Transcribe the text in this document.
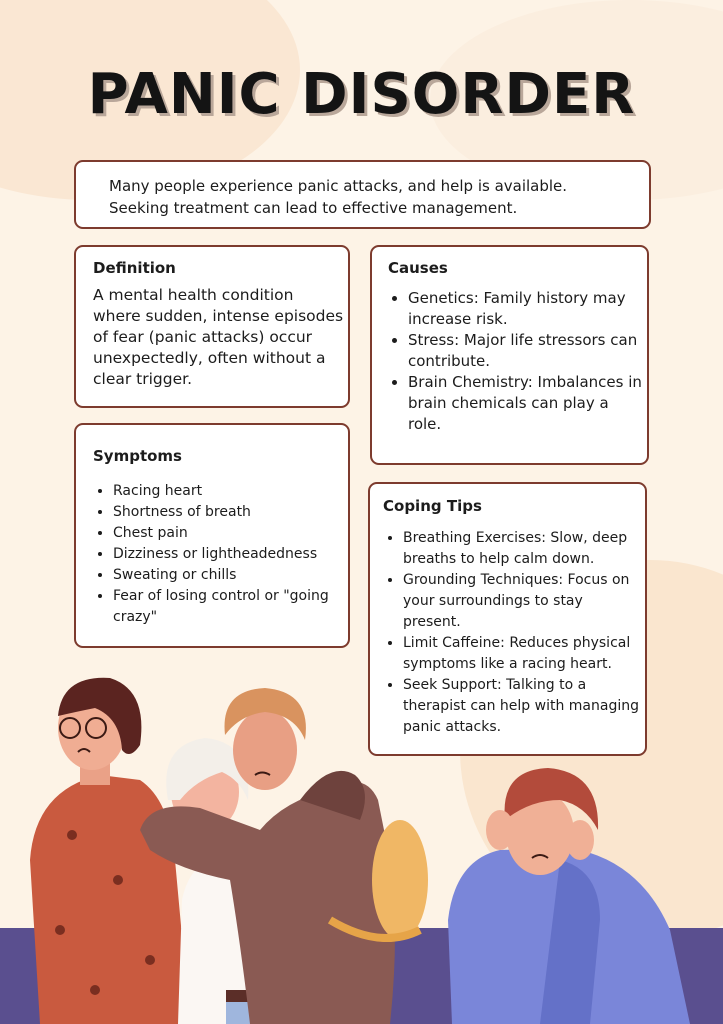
PANIC DISORDER
Many people experience panic attacks, and help is available.
Seeking treatment can lead to effective management.
Definition

A mental health condition where sudden, intense episodes of fear (panic attacks) occur unexpectedly, often without a clear trigger.

Causes
• Genetics: Family history may increase risk.
• Stress: Major life stressors can contribute.
• Brain Chemistry: Imbalances in brain chemicals can play a role.
Symptoms
• Racing heart
• Shortness of breath
• Chest pain
• Dizziness or lightheadedness
• Sweating or chills
• Fear of losing control or "going crazy"
Coping Tips
• Breathing Exercises: Slow, deep breaths to help calm down.
• Grounding Techniques: Focus on your surroundings to stay present.
• Limit Caffeine: Reduces physical symptoms like a racing heart.
• Seek Support: Talking to a therapist can help with managing panic attacks.
